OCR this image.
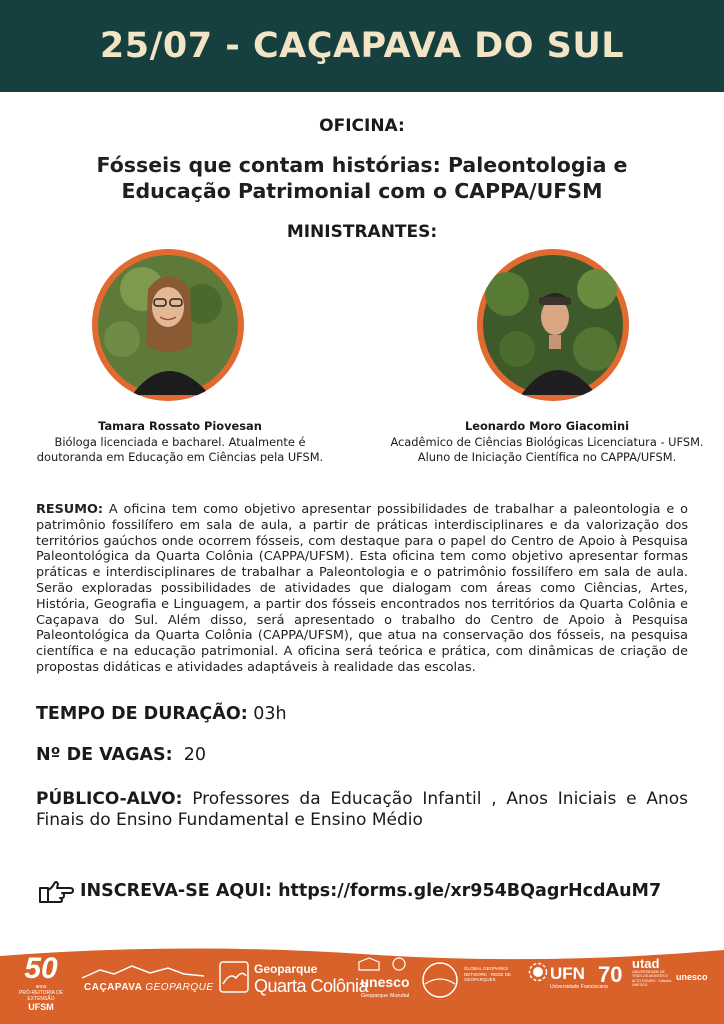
25/07 - CAÇAPAVA DO SUL
OFICINA:
Fósseis que contam histórias: Paleontologia e Educação Patrimonial com o CAPPA/UFSM
MINISTRANTES:
Tamara Rossato Piovesan
Bióloga licenciada e bacharel. Atualmente é doutoranda em Educação em Ciências pela UFSM.
Leonardo Moro Giacomini
Acadêmico de Ciências Biológicas Licenciatura - UFSM. Aluno de Iniciação Científica no CAPPA/UFSM.
RESUMO: A oficina tem como objetivo apresentar possibilidades de trabalhar a paleontologia e o patrimônio fossilífero em sala de aula, a partir de práticas interdisciplinares e da valorização dos territórios gaúchos onde ocorrem fósseis, com destaque para o papel do Centro de Apoio à Pesquisa Paleontológica da Quarta Colônia (CAPPA/UFSM). Esta oficina tem como objetivo apresentar formas práticas e interdisciplinares de trabalhar a Paleontologia e o patrimônio fossilífero em sala de aula. Serão exploradas possibilidades de atividades que dialogam com áreas como Ciências, Artes, História, Geografia e Linguagem, a partir dos fósseis encontrados nos territórios da Quarta Colônia e Caçapava do Sul. Além disso, será apresentado o trabalho do Centro de Apoio à Pesquisa Paleontológica da Quarta Colônia (CAPPA/UFSM), que atua na conservação dos fósseis, na pesquisa científica e na educação patrimonial. A oficina será teórica e prática, com dinâmicas de criação de propostas didáticas e atividades adaptáveis à realidade das escolas.
TEMPO DE DURAÇÃO: 03h
Nº DE VAGAS: 20
PÚBLICO-ALVO: Professores da Educação Infantil , Anos Iniciais e Anos Finais do Ensino Fundamental e Ensino Médio
INSCREVA-SE AQUI:
https://forms.gle/xr954BQagrHcdAuM7
50
anos
PRÓ-REITORIA DE EXTENSÃO
UFSM
CAÇAPAVA GEOPARQUE
Geoparque
Quarta Colônia
unesco
Geoparque Mundial
GLOBAL GEOPARKS NETWORK · REDE DE GEOPARQUES	UFN
Universidade Franciscana
70 utad
UNIVERSIDADE DE TRÁS-OS-MONTES E ALTO DOURO · Cátedra UNESCO
unesco
